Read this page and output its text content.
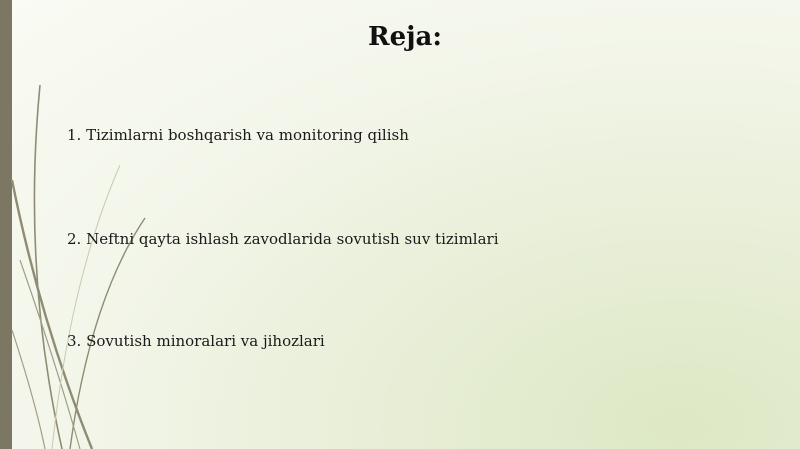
Reja:
1. Tizimlarni boshqarish va monitoring qilish
2. Neftni qayta ishlash zavodlarida sovutish suv tizimlari
3. Sovutish minoralari va jihozlari
